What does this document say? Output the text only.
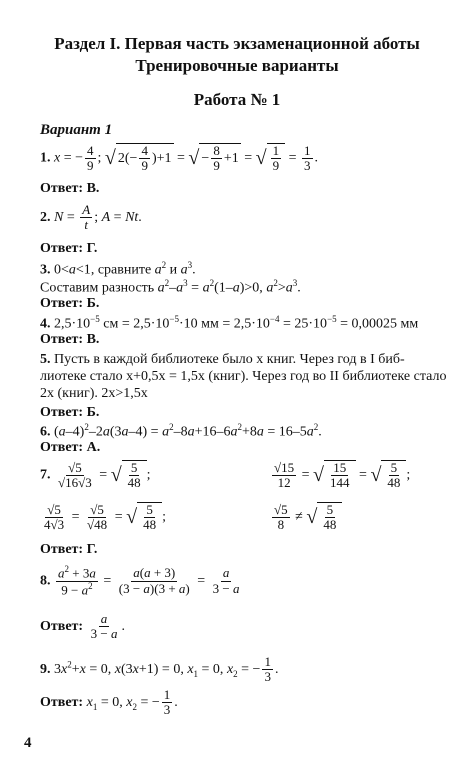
Раздел I. Первая часть экзаменационной аботы
Тренировочные варианты
Работа № 1
Вариант 1
1. x = − $\frac{4}{9}$ ; √ $2(- \frac{4}{9} )+1$ = √ − $\frac{8}{9} +1$ = √ $\frac{1}{9} = \frac{1}{3}$ .
Ответ: В.
2. $N = \frac{A}{t}$ ; A = Nt.
Ответ: Г.
3. 0<a<1, сравните $a^2$ и $a^3$.
Составим разность $a^2-a^3 = a^2(1-a)>0$, $a^2>a^3$.
Ответ: Б.
4. $2,5\cdot 10^{-5}$ см = $2,5\cdot 10^{-5}\cdot 10$ мм = $2,5\cdot 10^{-4} = 25\cdot 10^{-5} = 0,00025$ мм
Ответ: В.
5. Пусть в каждой библиотеке было x книг. Через год в I биб-
лиотеке стало x+0,5x = 1,5x (книг). Через год во II библиотеке стало
2x (книг). 2x>1,5x
Ответ: Б.
6. $(a-4)^2-2a(3a-4) = a^2-8a+16-6a^2+8a = 16-5a^2$.
Ответ: А.
7. $\frac{√5}{√16√3}$ = √ $\frac{5}{48}$ ;	$\frac{√15}{12}$ = √ $\frac{15}{144}$ = √ $\frac{5}{48}$ ;
$\frac{√5}{4√3} = \frac{√5}{√48}$ = √ $\frac{5}{48}$ ;	$\frac{√5}{8}$ ≠ √ $\frac{5}{48}$
Ответ: Г.
8. $\frac{a^2 + 3a}{9 - a^2} = \frac{a(a + 3)}{(3 - a)(3 + a)} = \frac{a}{3 - a}$
Ответ: $\frac{a}{3 - a}$ .
9. $3x^2+x = 0$, x(3x+1) = 0, $x_1 = 0$, $x_2$ = − $\frac{1}{3}$ .
Ответ: $x_1 = 0$, $x_2$ = − $\frac{1}{3}$ .
4
